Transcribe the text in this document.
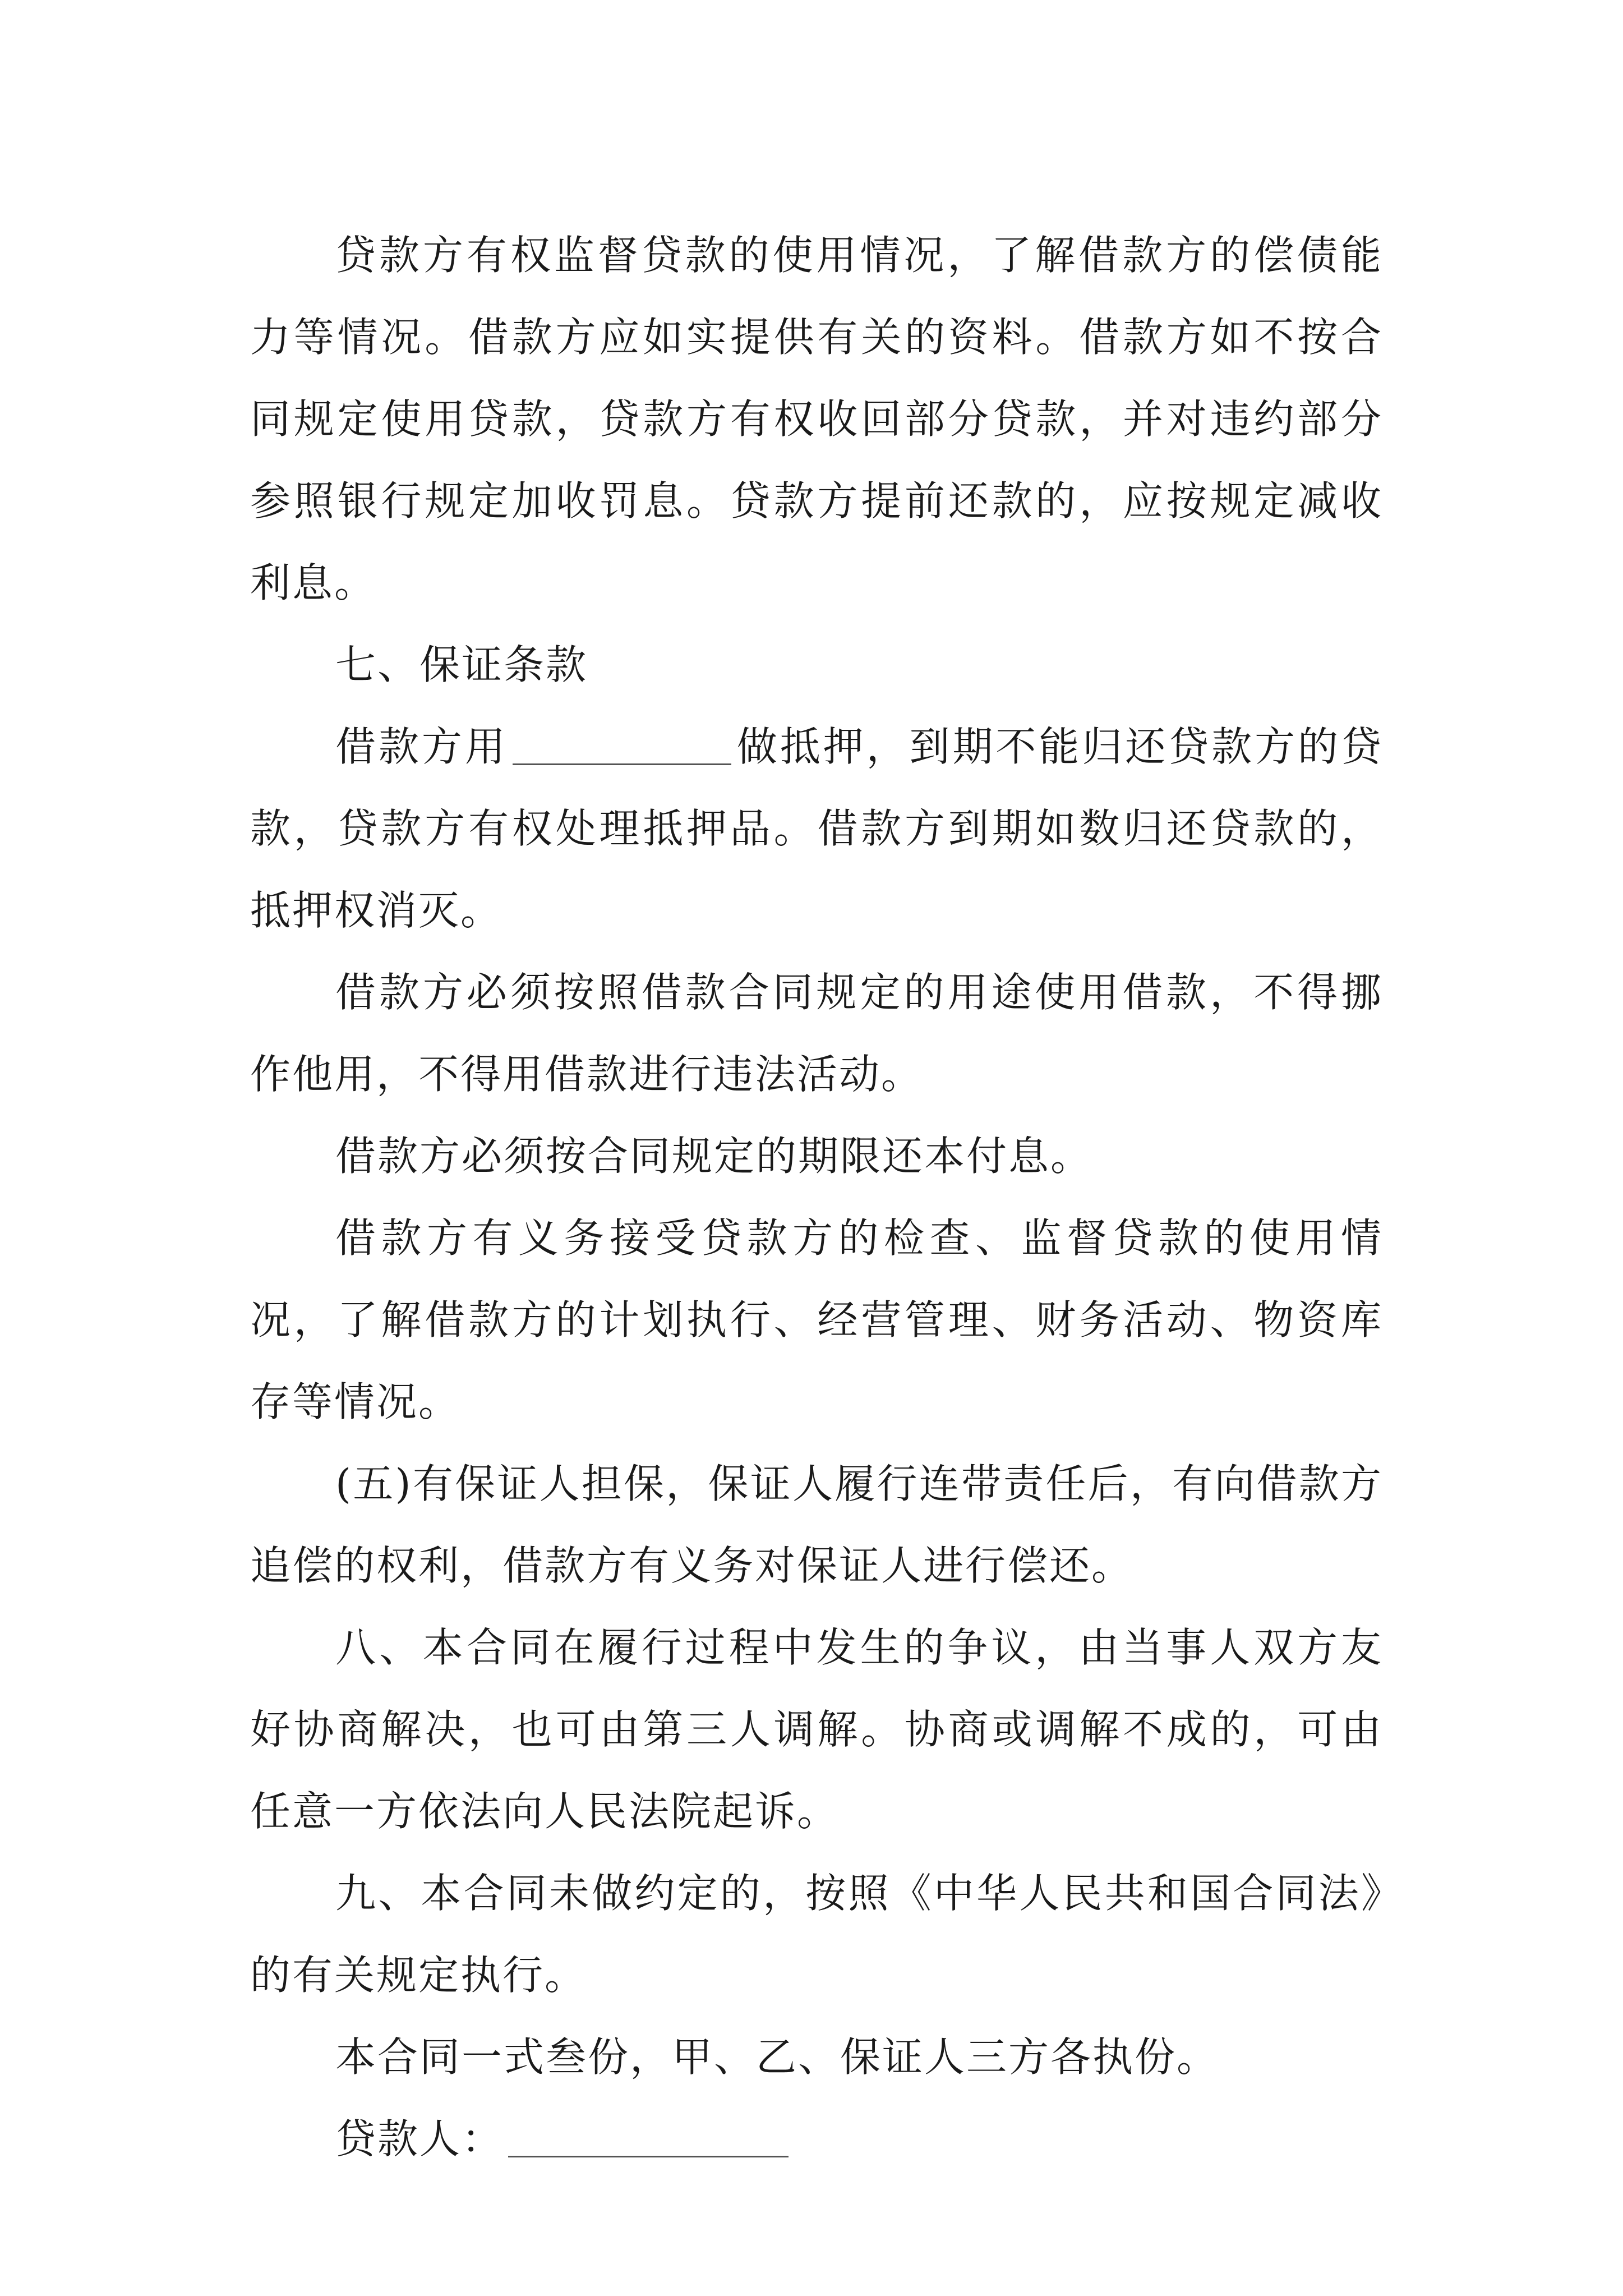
贷款方有权监督贷款的使用情况，了解借款方的偿债能力等情况。借款方应如实提供有关的资料。借款方如不按合同规定使用贷款，贷款方有权收回部分贷款，并对违约部分参照银行规定加收罚息。贷款方提前还款的，应按规定减收利息。

七、保证条款

借款方用	做抵押，到期不能归还贷款方的贷款，贷款方有权处理抵押品。借款方到期如数归还贷款的，抵押权消灭。

借款方必须按照借款合同规定的用途使用借款，不得挪作他用，不得用借款进行违法活动。

借款方必须按合同规定的期限还本付息。

借款方有义务接受贷款方的检查、监督贷款的使用情况，了解借款方的计划执行、经营管理、财务活动、物资库存等情况。

(五)有保证人担保，保证人履行连带责任后，有向借款方追偿的权利，借款方有义务对保证人进行偿还。

八、本合同在履行过程中发生的争议，由当事人双方友好协商解决，也可由第三人调解。协商或调解不成的，可由任意一方依法向人民法院起诉。

九、本合同未做约定的，按照《中华人民共和国合同法》的有关规定执行。

本合同一式叁份，甲、乙、保证人三方各执份。

贷款人：
